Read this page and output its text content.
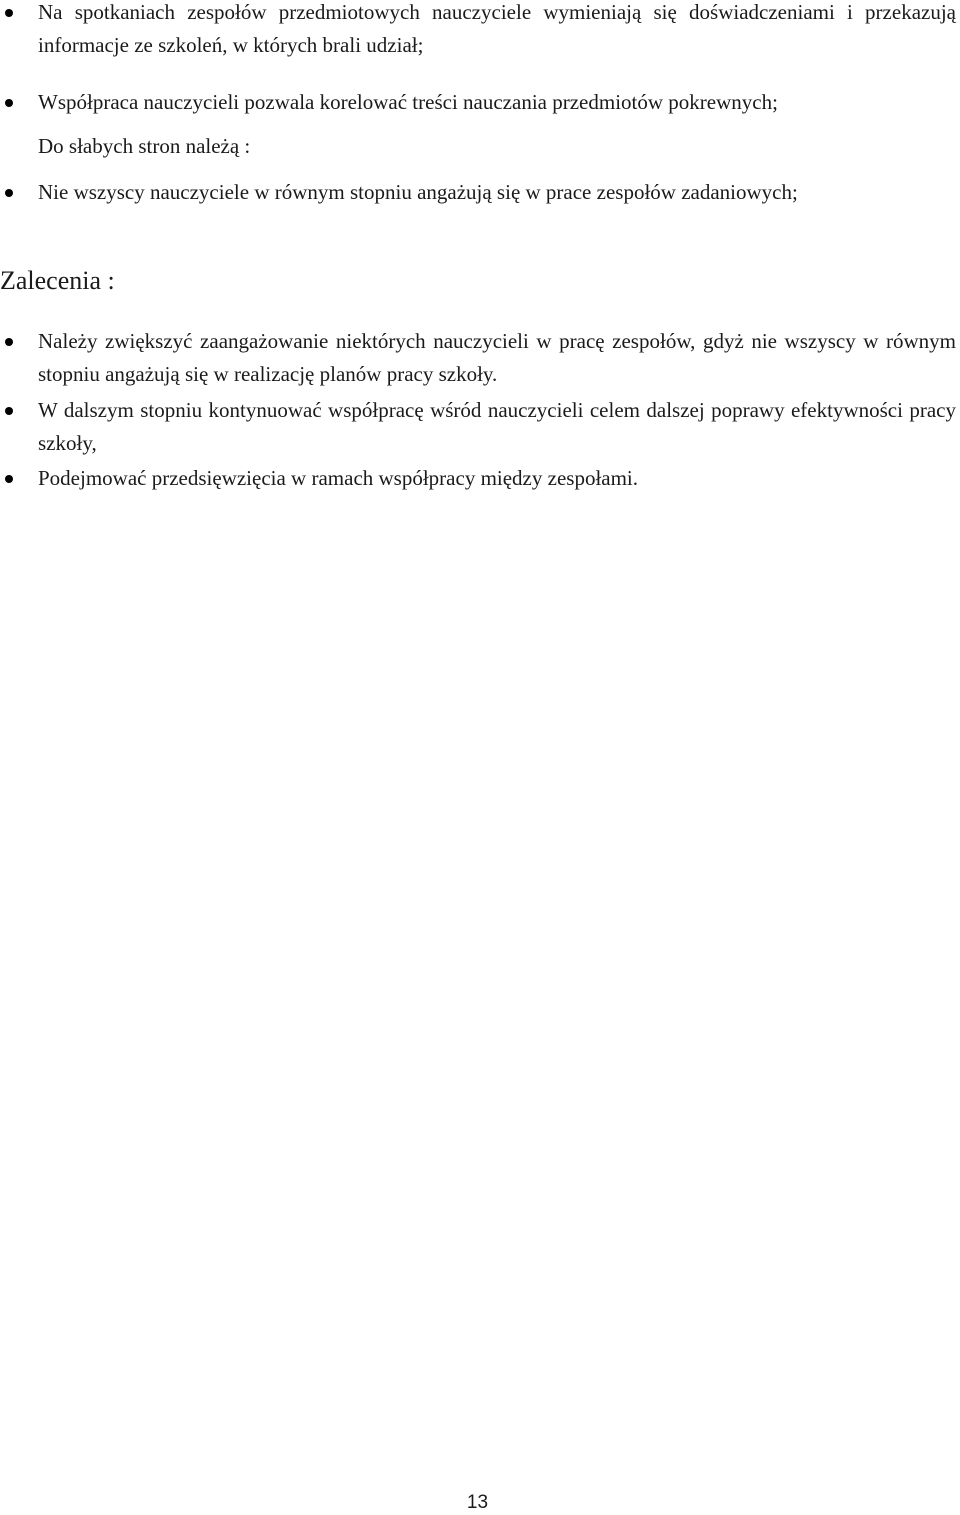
Na spotkaniach zespołów przedmiotowych nauczyciele wymieniają się doświadczeniami i przekazują informacje ze szkoleń, w których brali udział;

Współpraca nauczycieli pozwala korelować treści nauczania przedmiotów pokrewnych;

Do słabych stron należą :

Nie wszyscy nauczyciele w równym stopniu angażują się w prace zespołów zadaniowych;

Zalecenia :

Należy zwiększyć zaangażowanie niektórych nauczycieli w pracę zespołów, gdyż nie wszyscy w równym stopniu angażują się w realizację planów pracy szkoły.

W dalszym stopniu kontynuować współpracę wśród nauczycieli celem dalszej poprawy efektywności pracy szkoły,

Podejmować przedsięwzięcia w ramach współpracy między zespołami.

13
